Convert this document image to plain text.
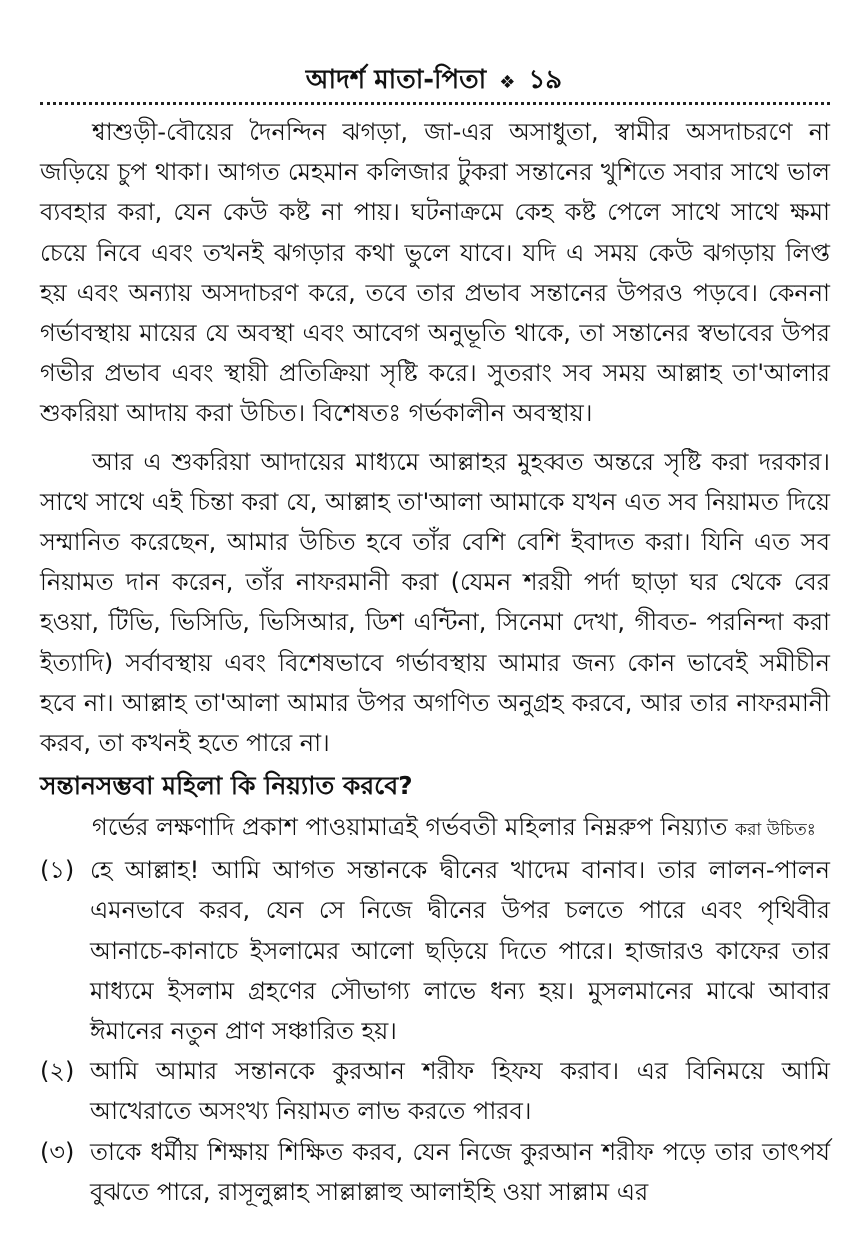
আদর্শ মাতা-পিতা ❖ ১৯

শ্বাশুড়ী-বৌয়ের দৈনন্দিন ঝগড়া, জা-এর অসাধুতা, স্বামীর অসদাচরণে না জড়িয়ে চুপ থাকা। আগত মেহমান কলিজার টুকরা সন্তানের খুশিতে সবার সাথে ভাল ব্যবহার করা, যেন কেউ কষ্ট না পায়। ঘটনাক্রমে কেহ কষ্ট পেলে সাথে সাথে ক্ষমা চেয়ে নিবে এবং তখনই ঝগড়ার কথা ভুলে যাবে। যদি এ সময় কেউ ঝগড়ায় লিপ্ত হয় এবং অন্যায় অসদাচরণ করে, তবে তার প্রভাব সন্তানের উপরও পড়বে। কেননা গর্ভাবস্থায় মায়ের যে অবস্থা এবং আবেগ অনুভূতি থাকে, তা সন্তানের স্বভাবের উপর গভীর প্রভাব এবং স্থায়ী প্রতিক্রিয়া সৃষ্টি করে। সুতরাং সব সময় আল্লাহ তা'আলার শুকরিয়া আদায় করা উচিত। বিশেষতঃ গর্ভকালীন অবস্থায়।

আর এ শুকরিয়া আদায়ের মাধ্যমে আল্লাহর মুহব্বত অন্তরে সৃষ্টি করা দরকার। সাথে সাথে এই চিন্তা করা যে, আল্লাহ তা'আলা আমাকে যখন এত সব নিয়ামত দিয়ে সম্মানিত করেছেন, আমার উচিত হবে তাঁর বেশি বেশি ইবাদত করা। যিনি এত সব নিয়ামত দান করেন, তাঁর নাফরমানী করা (যেমন শরয়ী পর্দা ছাড়া ঘর থেকে বের হওয়া, টিভি, ভিসিডি, ভিসিআর, ডিশ এন্টিনা, সিনেমা দেখা, গীবত- পরনিন্দা করা ইত্যাদি) সর্বাবস্থায় এবং বিশেষভাবে গর্ভাবস্থায় আমার জন্য কোন ভাবেই সমীচীন হবে না। আল্লাহ তা'আলা আমার উপর অগণিত অনুগ্রহ করবে, আর তার নাফরমানী করব, তা কখনই হতে পারে না।

সন্তানসম্ভবা মহিলা কি নিয়্যাত করবে?

গর্ভের লক্ষণাদি প্রকাশ পাওয়ামাত্রই গর্ভবতী মহিলার নিম্নরুপ নিয়্যাত করা উচিতঃ

(১) হে আল্লাহ! আমি আগত সন্তানকে দ্বীনের খাদেম বানাব। তার লালন-পালন এমনভাবে করব, যেন সে নিজে দ্বীনের উপর চলতে পারে এবং পৃথিবীর আনাচে-কানাচে ইসলামের আলো ছড়িয়ে দিতে পারে। হাজারও কাফের তার মাধ্যমে ইসলাম গ্রহণের সৌভাগ্য লাভে ধন্য হয়। মুসলমানের মাঝে আবার ঈমানের নতুন প্রাণ সঞ্চারিত হয়।
(২) আমি আমার সন্তানকে কুরআন শরীফ হিফয করাব। এর বিনিময়ে আমি আখেরাতে অসংখ্য নিয়ামত লাভ করতে পারব।
(৩) তাকে ধর্মীয় শিক্ষায় শিক্ষিত করব, যেন নিজে কুরআন শরীফ পড়ে তার তাৎপর্য বুঝতে পারে, রাসূলুল্লাহ সাল্লাল্লাহু আলাইহি ওয়া সাল্লাম এর
